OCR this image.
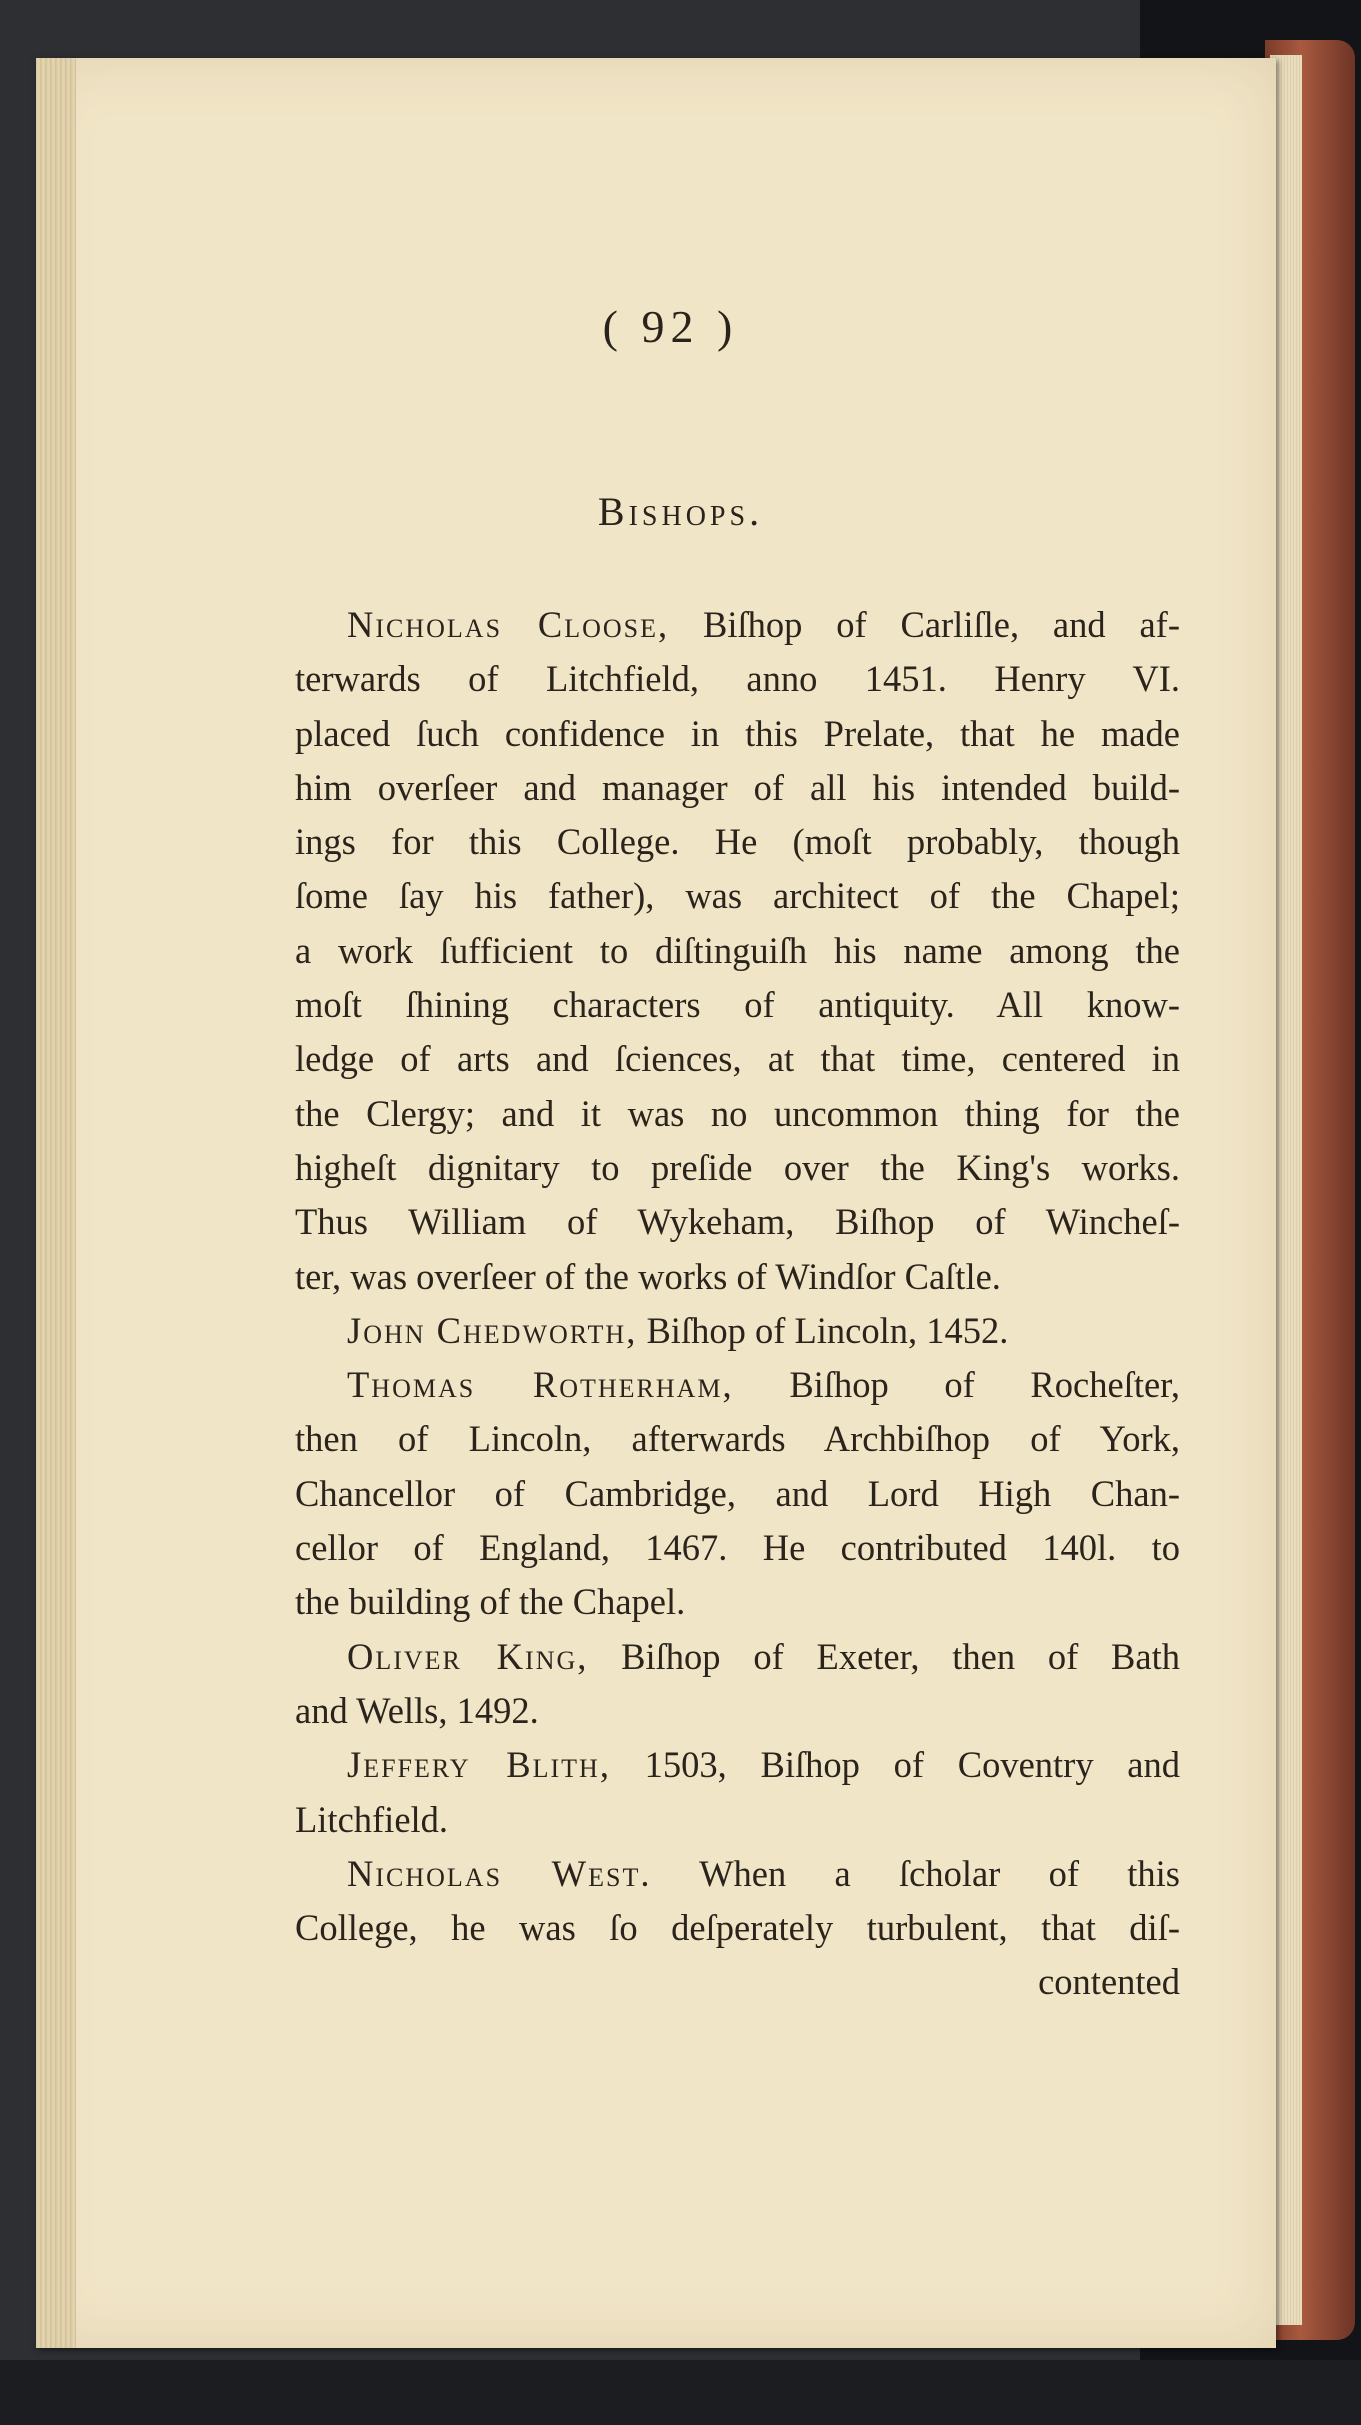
( 92 )
Bishops.
Nicholas Cloose, Biſhop of Carliſle, and af-
terwards of Litchfield, anno 1451. Henry VI.
placed ſuch confidence in this Prelate, that he made
him overſeer and manager of all his intended build-
ings for this College. He (moſt probably, though
ſome ſay his father), was architect of the Chapel;
a work ſufficient to diſtinguiſh his name among the
moſt ſhining characters of antiquity. All know-
ledge of arts and ſciences, at that time, centered in
the Clergy; and it was no uncommon thing for the
higheſt dignitary to preſide over the King's works.
Thus William of Wykeham, Biſhop of Wincheſ-
ter, was overſeer of the works of Windſor Caſtle.
John Chedworth, Biſhop of Lincoln, 1452.
Thomas Rotherham, Biſhop of Rocheſter,
then of Lincoln, afterwards Archbiſhop of York,
Chancellor of Cambridge, and Lord High Chan-
cellor of England, 1467. He contributed 140l. to
the building of the Chapel.
Oliver King, Biſhop of Exeter, then of Bath
and Wells, 1492.
Jeffery Blith, 1503, Biſhop of Coventry and
Litchfield.
Nicholas West. When a ſcholar of this
College, he was ſo deſperately turbulent, that diſ-
contented
